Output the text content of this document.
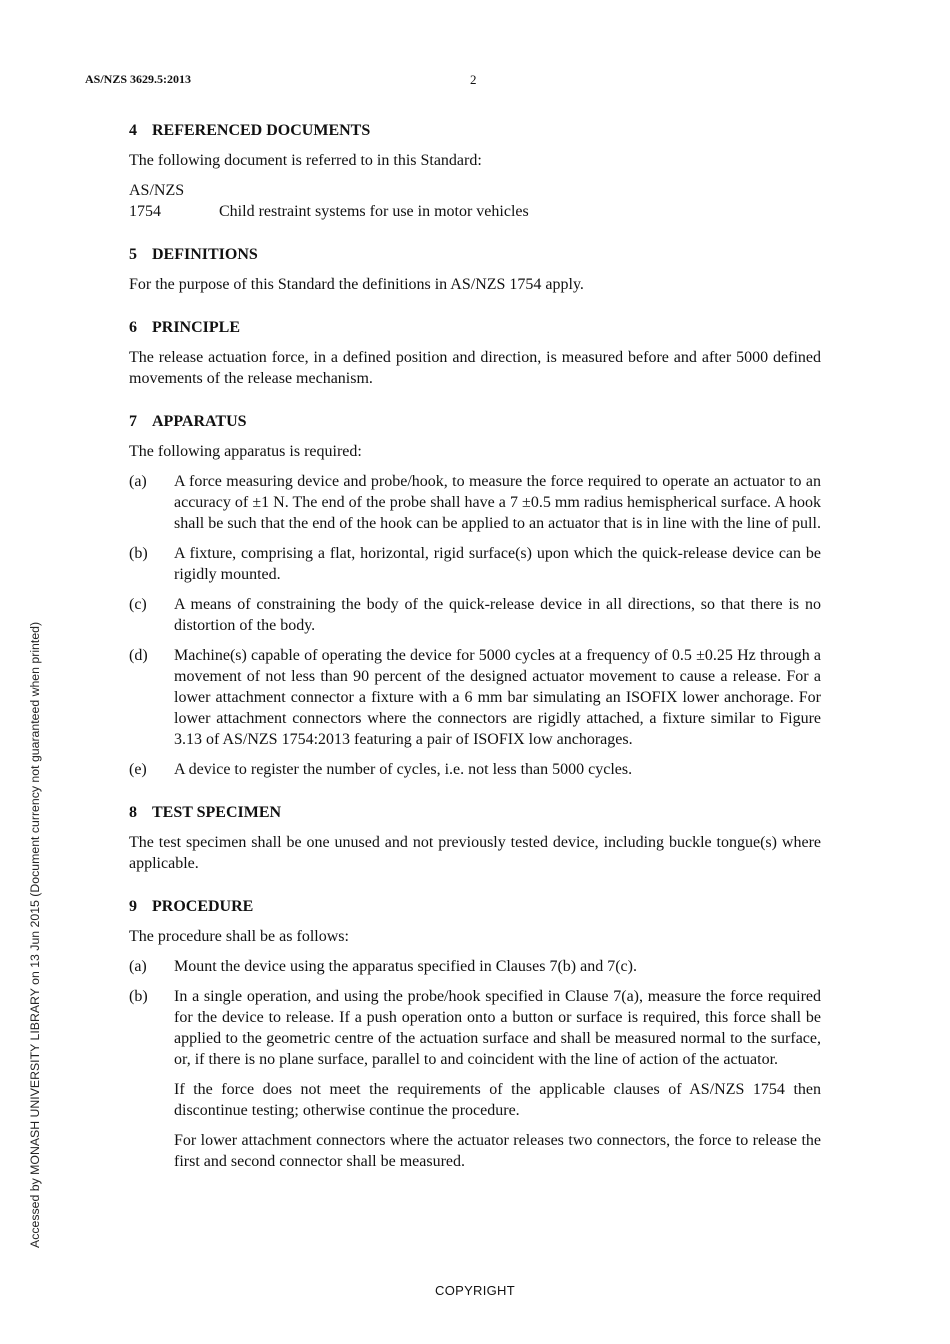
AS/NZS 3629.5:2013	2
Accessed by MONASH UNIVERSITY LIBRARY on 13 Jun 2015 (Document currency not guaranteed when printed)
4 REFERENCED DOCUMENTS

The following document is referred to in this Standard:

AS/NZS
1754	Child restraint systems for use in motor vehicles
5 DEFINITIONS

For the purpose of this Standard the definitions in AS/NZS 1754 apply.

6 PRINCIPLE

The release actuation force, in a defined position and direction, is measured before and after 5000 defined movements of the release mechanism.

7 APPARATUS

The following apparatus is required:

(a) A force measuring device and probe/hook, to measure the force required to operate an actuator to an accuracy of ±1 N. The end of the probe shall have a 7 ±0.5 mm radius hemispherical surface. A hook shall be such that the end of the hook can be applied to an actuator that is in line with the line of pull.
(b) A fixture, comprising a flat, horizontal, rigid surface(s) upon which the quick-release device can be rigidly mounted.
(c) A means of constraining the body of the quick-release device in all directions, so that there is no distortion of the body.
(d) Machine(s) capable of operating the device for 5000 cycles at a frequency of 0.5 ±0.25 Hz through a movement of not less than 90 percent of the designed actuator movement to cause a release. For a lower attachment connector a fixture with a 6 mm bar simulating an ISOFIX lower anchorage. For lower attachment connectors where the connectors are rigidly attached, a fixture similar to Figure 3.13 of AS/NZS 1754:2013 featuring a pair of ISOFIX low anchorages.
(e) A device to register the number of cycles, i.e. not less than 5000 cycles.
8 TEST SPECIMEN

The test specimen shall be one unused and not previously tested device, including buckle tongue(s) where applicable.

9 PROCEDURE

The procedure shall be as follows:

(a) Mount the device using the apparatus specified in Clauses 7(b) and 7(c).
(b) In a single operation, and using the probe/hook specified in Clause 7(a), measure the force required for the device to release. If a push operation onto a button or surface is required, this force shall be applied to the geometric centre of the actuation surface and shall be measured normal to the surface, or, if there is no plane surface, parallel to and coincident with the line of action of the actuator.

If the force does not meet the requirements of the applicable clauses of AS/NZS 1754 then discontinue testing; otherwise continue the procedure.

For lower attachment connectors where the actuator releases two connectors, the force to release the first and second connector shall be measured.

COPYRIGHT
